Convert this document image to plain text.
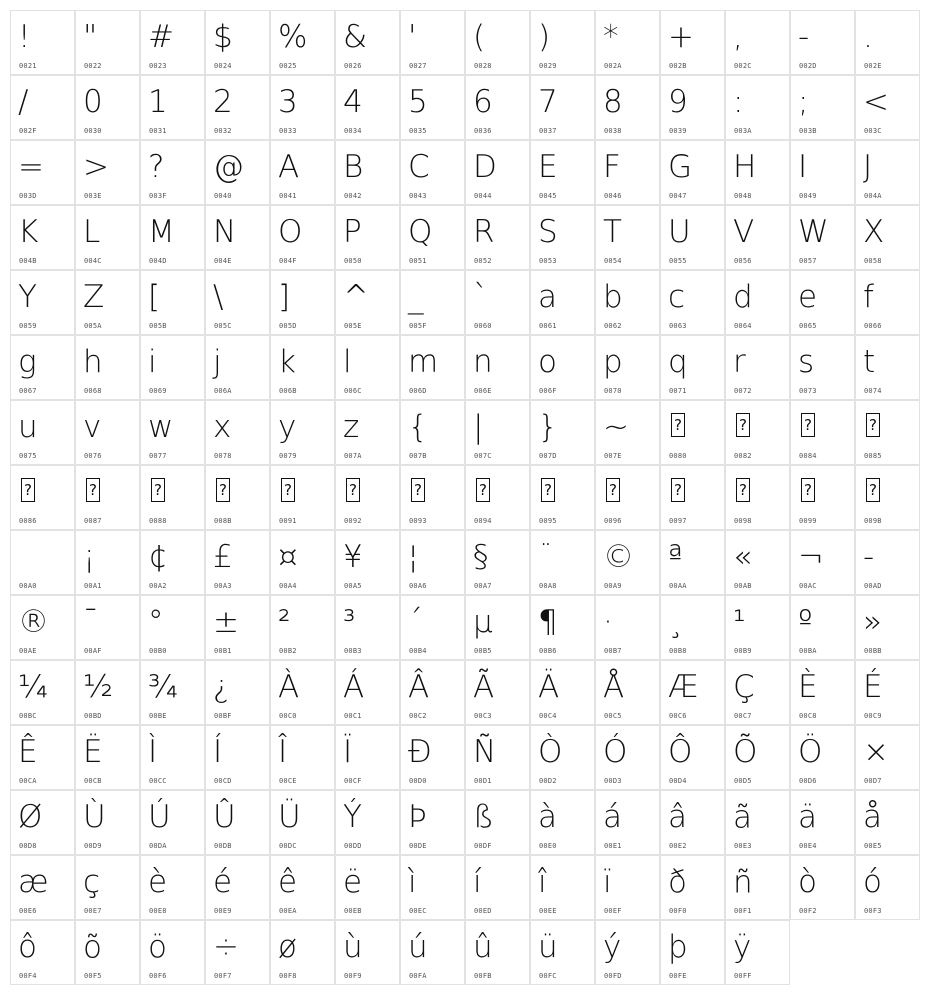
!
0021
"
0022
#
0023
$
0024
%
0025
&
0026
'
0027
(
0028
)
0029
*
002A
+
002B
,
002C
-
002D
.
002E
/
002F
0
0030
1
0031
2
0032
3
0033
4
0034
5
0035
6
0036
7
0037
8
0038
9
0039
:
003A
;
003B
<
003C
=
003D
>
003E
?
003F
@
0040
A
0041
B
0042
C
0043
D
0044
E
0045
F
0046
G
0047
H
0048
I
0049
J
004A
K
004B
L
004C
M
004D
N
004E
O
004F
P
0050
Q
0051
R
0052
S
0053
T
0054
U
0055
V
0056
W
0057
X
0058
Y
0059
Z
005A
[
005B
\
005C
]
005D
^
005E
_
005F
`
0060
a
0061
b
0062
c
0063
d
0064
e
0065
f
0066
g
0067
h
0068
i
0069
j
006A
k
006B
l
006C
m
006D
n
006E
o
006F
p
0070
q
0071
r
0072
s
0073
t
0074
u
0075
v
0076
w
0077
x
0078
y
0079
z
007A
{
007B
|
007C
}
007D
~
007E
?
0080
?
0082
?
0084
?
0085
?
0086
?
0087
?
0088
?
008B
?
0091
?
0092
?
0093
?
0094
?
0095
?
0096
?
0097
?
0098
?
0099
?
009B

00A0
¡
00A1
¢
00A2
£
00A3
¤
00A4
¥
00A5
¦
00A6
§
00A7
¨
00A8
©
00A9
ª
00AA
«
00AB
¬
00AC
-
00AD
®
00AE
¯
00AF
°
00B0
±
00B1
²
00B2
³
00B3
´
00B4
µ
00B5
¶
00B6
·
00B7
¸
00B8
¹
00B9
º
00BA
»
00BB
¼
00BC
½
00BD
¾
00BE
¿
00BF
À
00C0
Á
00C1
Â
00C2
Ã
00C3
Ä
00C4
Å
00C5
Æ
00C6
Ç
00C7
È
00C8
É
00C9
Ê
00CA
Ë
00CB
Ì
00CC
Í
00CD
Î
00CE
Ï
00CF
Đ
00D0
Ñ
00D1
Ò
00D2
Ó
00D3
Ô
00D4
Õ
00D5
Ö
00D6
×
00D7
Ø
00D8
Ù
00D9
Ú
00DA
Û
00DB
Ü
00DC
Ý
00DD
Þ
00DE
ß
00DF
à
00E0
á
00E1
â
00E2
ã
00E3
ä
00E4
å
00E5
æ
00E6
ç
00E7
è
00E8
é
00E9
ê
00EA
ë
00EB
ì
00EC
í
00ED
î
00EE
ï
00EF
ð
00F0
ñ
00F1
ò
00F2
ó
00F3
ô
00F4
õ
00F5
ö
00F6
÷
00F7
ø
00F8
ù
00F9
ú
00FA
û
00FB
ü
00FC
ý
00FD
þ
00FE
ÿ
00FF
